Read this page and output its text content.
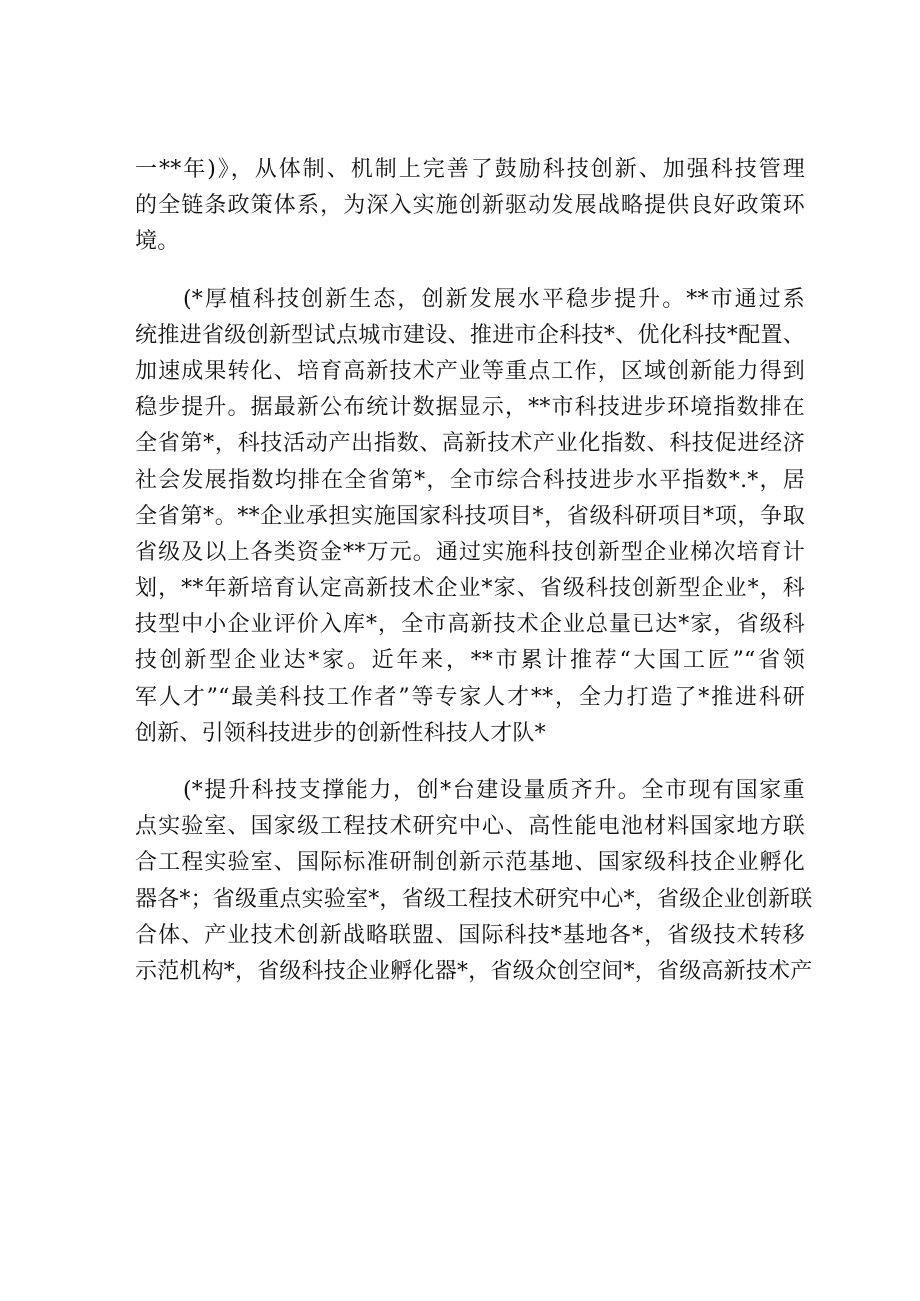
一**年)》，从体制、机制上完善了鼓励科技创新、加强科技管理
的全链条政策体系，为深入实施创新驱动发展战略提供良好政策环
境。
(*厚植科技创新生态，创新发展水平稳步提升。**市通过系
统推进省级创新型试点城市建设、推进市企科技*、优化科技*配置、
加速成果转化、培育高新技术产业等重点工作，区域创新能力得到
稳步提升。据最新公布统计数据显示，**市科技进步环境指数排在
全省第*，科技活动产出指数、高新技术产业化指数、科技促进经济
社会发展指数均排在全省第*，全市综合科技进步水平指数*.*，居
全省第*。**企业承担实施国家科技项目*，省级科研项目*项，争取
省级及以上各类资金**万元。通过实施科技创新型企业梯次培育计
划，**年新培育认定高新技术企业*家、省级科技创新型企业*，科
技型中小企业评价入库*，全市高新技术企业总量已达*家，省级科
技创新型企业达*家。近年来，**市累计推荐“大国工匠”“省领
军人才”“最美科技工作者”等专家人才**，全力打造了*推进科研
创新、引领科技进步的创新性科技人才队*
(*提升科技支撑能力，创*台建设量质齐升。全市现有国家重
点实验室、国家级工程技术研究中心、高性能电池材料国家地方联
合工程实验室、国际标准研制创新示范基地、国家级科技企业孵化
器各*；省级重点实验室*，省级工程技术研究中心*，省级企业创新联
合体、产业技术创新战略联盟、国际科技*基地各*，省级技术转移
示范机构*，省级科技企业孵化器*，省级众创空间*，省级高新技术产
